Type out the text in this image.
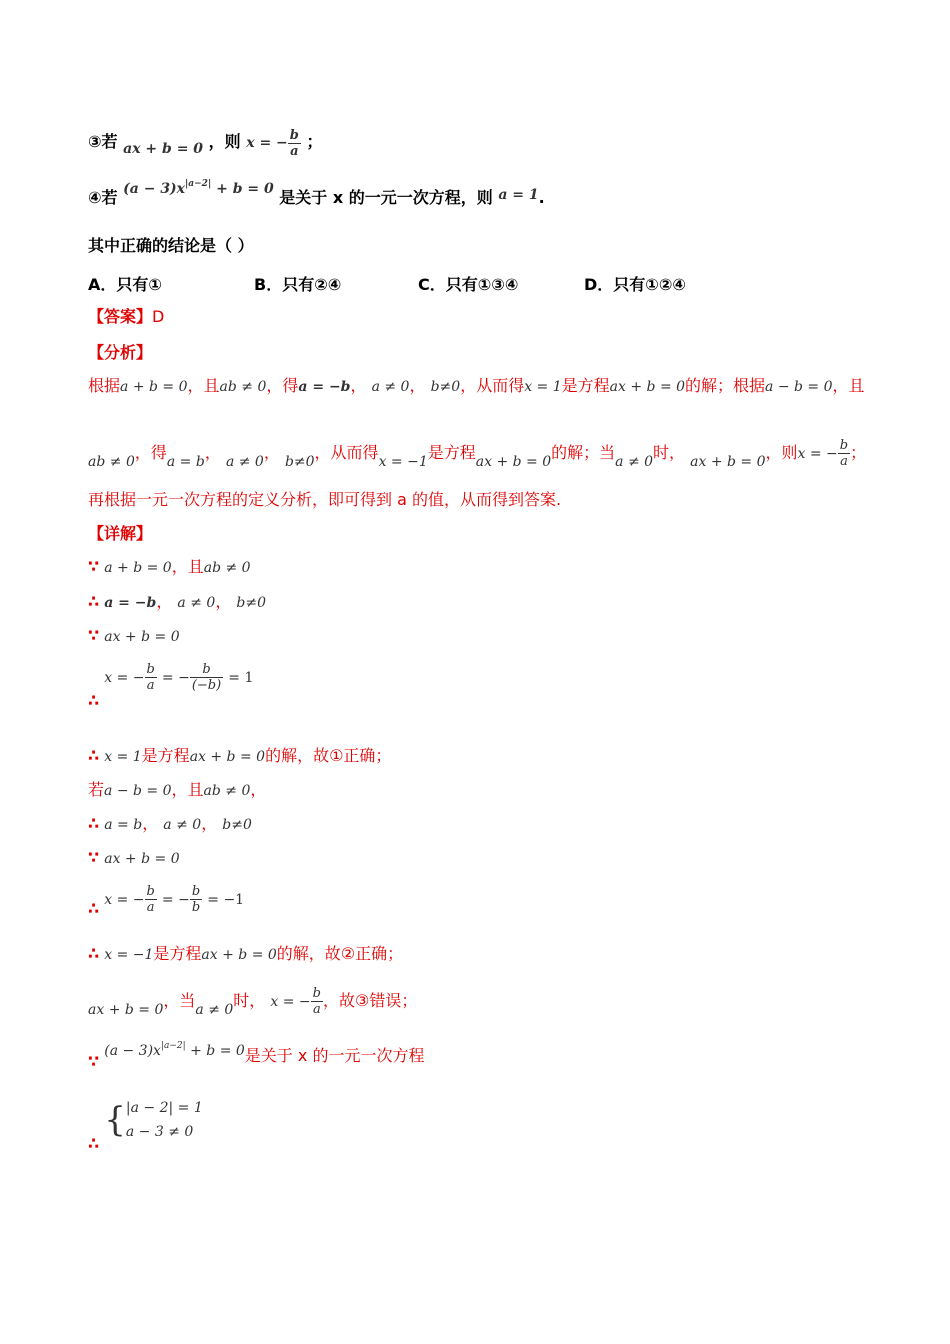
③若 ax + b = 0 ，则 x = − $\frac{b}{a}$ ；
④若 $(a - 3)x^{|a-2|} + b = 0$ 是关于 x 的一元一次方程，则 a = 1.
其中正确的结论是（ ）
A．只有①	B．只有②④	C．只有①③④	D．只有①②④
【答案】D
【分析】
根据a + b = 0，且ab ≠ 0，得a = −b， a ≠ 0， b≠0，从而得x = 1是方程ax + b = 0的解；根据a − b = 0，且
ab ≠ 0，得a = b， a ≠ 0， b≠0，从而得x = −1是方程ax + b = 0的解；当a ≠ 0时， ax + b = 0，则x = − $\frac{b}{a}$ ；
再根据一元一次方程的定义分析，即可得到 a 的值，从而得到答案.
【详解】
∵ a + b = 0，且ab ≠ 0
∴ a = −b， a ≠ 0， b≠0
∵ ax + b = 0
∴ x = − $\frac{b}{a}$ = − $\frac{b}{(-b)} = 1$
∴ x = 1是方程ax + b = 0的解，故①正确；
若a − b = 0，且ab ≠ 0，
∴ a = b， a ≠ 0， b≠0
∵ ax + b = 0
∴ x = − $\frac{b}{a}$ = − $\frac{b}{b} = -1$
∴ x = −1是方程ax + b = 0的解，故②正确；
ax + b = 0，当a ≠ 0时， x = − $\frac{b}{a}$ ，故③错误；
∵ $(a - 3)x^{|a-2|} + b = 0$是关于 x 的一元一次方程
∴ { |a − 2| = 1
a − 3 ≠ 0
